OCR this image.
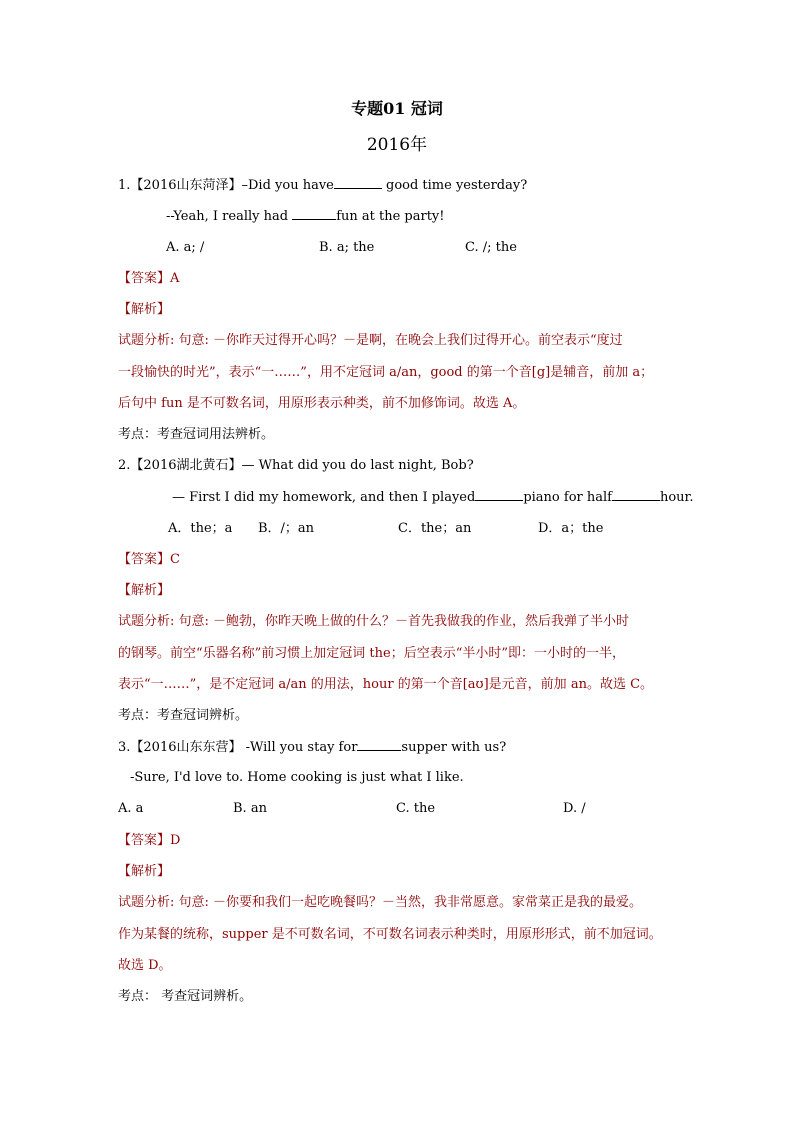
专题01 冠词
2016年
1.【2016山东菏泽】–Did you have	good time yesterday?
--Yeah, I really had	fun at the party!
A. a; /	B. a; the	C. /; the
【答案】A
【解析】
试题分析: 句意: －你昨天过得开心吗？－是啊，在晚会上我们过得开心。前空表示“度过
一段愉快的时光”，表示“一……”，用不定冠词 a/an，good 的第一个音[g]是辅音，前加 a；
后句中 fun 是不可数名词，用原形表示种类，前不加修饰词。故选 A。
考点：考查冠词用法辨析。
2.【2016湖北黄石】— What did you do last night, Bob?
— First I did my homework, and then I played	piano for half	hour.
A．the；a B．/；an	C．the；an	D．a；the
【答案】C
【解析】
试题分析: 句意: －鲍勃，你昨天晚上做的什么？－首先我做我的作业，然后我弹了半小时
的钢琴。前空“乐器名称”前习惯上加定冠词 the；后空表示“半小时”即：一小时的一半，
表示“一……”，是不定冠词 a/an 的用法，hour 的第一个音[aʊ]是元音，前加 an。故选 C。
考点：考查冠词辨析。
3.【2016山东东营】 -Will you stay for	supper with us?
-Sure, I'd love to. Home cooking is just what I like.
A. a	B. an	C. the	D. /
【答案】D
【解析】
试题分析: 句意: －你要和我们一起吃晚餐吗？－当然，我非常愿意。家常菜正是我的最爱。
作为某餐的统称，supper 是不可数名词，不可数名词表示种类时，用原形形式，前不加冠词。
故选 D。
考点： 考查冠词辨析。
